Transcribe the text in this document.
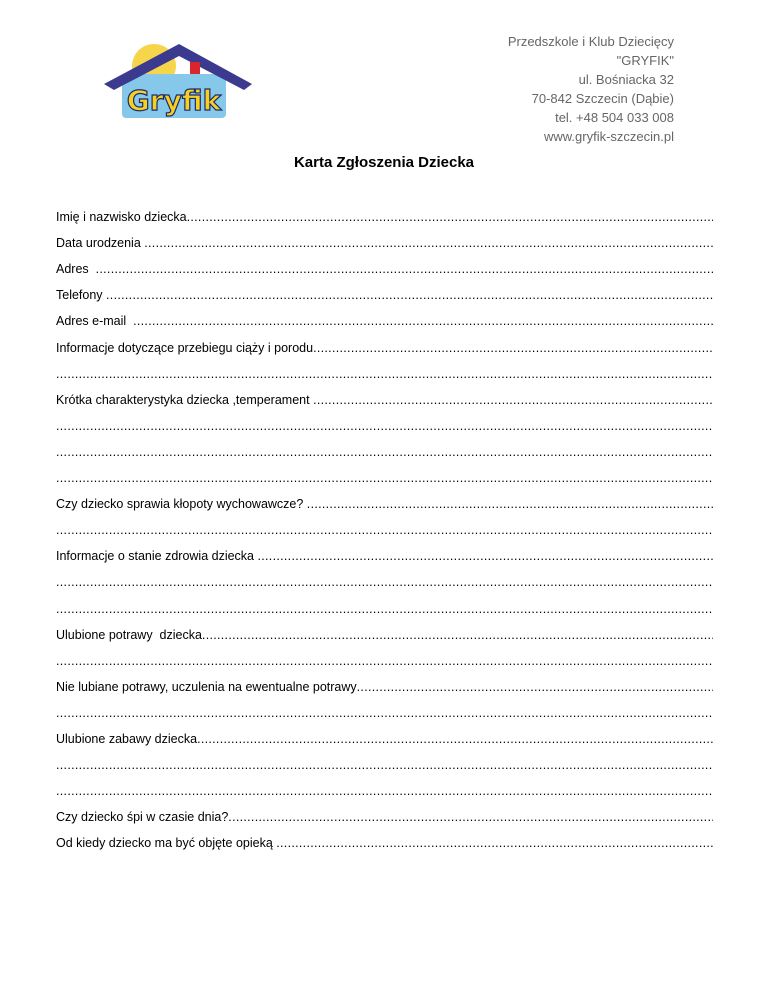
Gryfik
Przedszkole i Klub Dziecięcy
"GRYFIK"
ul. Bośniacka 32
70-842 Szczecin (Dąbie)
tel. +48 504 033 008
www.gryfik-szczecin.pl
Karta Zgłoszenia Dziecka
Imię i nazwisko dziecka
.....
Data urodzenia
.....
Adres
.....
Telefony
.....
Adres e-mail
.....
Informacje dotyczące przebiegu ciąży i porodu
.....
.....
Krótka charakterystyka dziecka ,temperament
.....
.....
.....
.....
Czy dziecko sprawia kłopoty wychowawcze?
.....
.....
Informacje o stanie zdrowia dziecka
.....
.....
.....
Ulubione potrawy  dziecka
.....
.....
Nie lubiane potrawy, uczulenia na ewentualne potrawy
.....
.....
Ulubione zabawy dziecka
.....
.....
.....
Czy dziecko śpi w czasie dnia?
.....
Od kiedy dziecko ma być objęte opieką
.....
